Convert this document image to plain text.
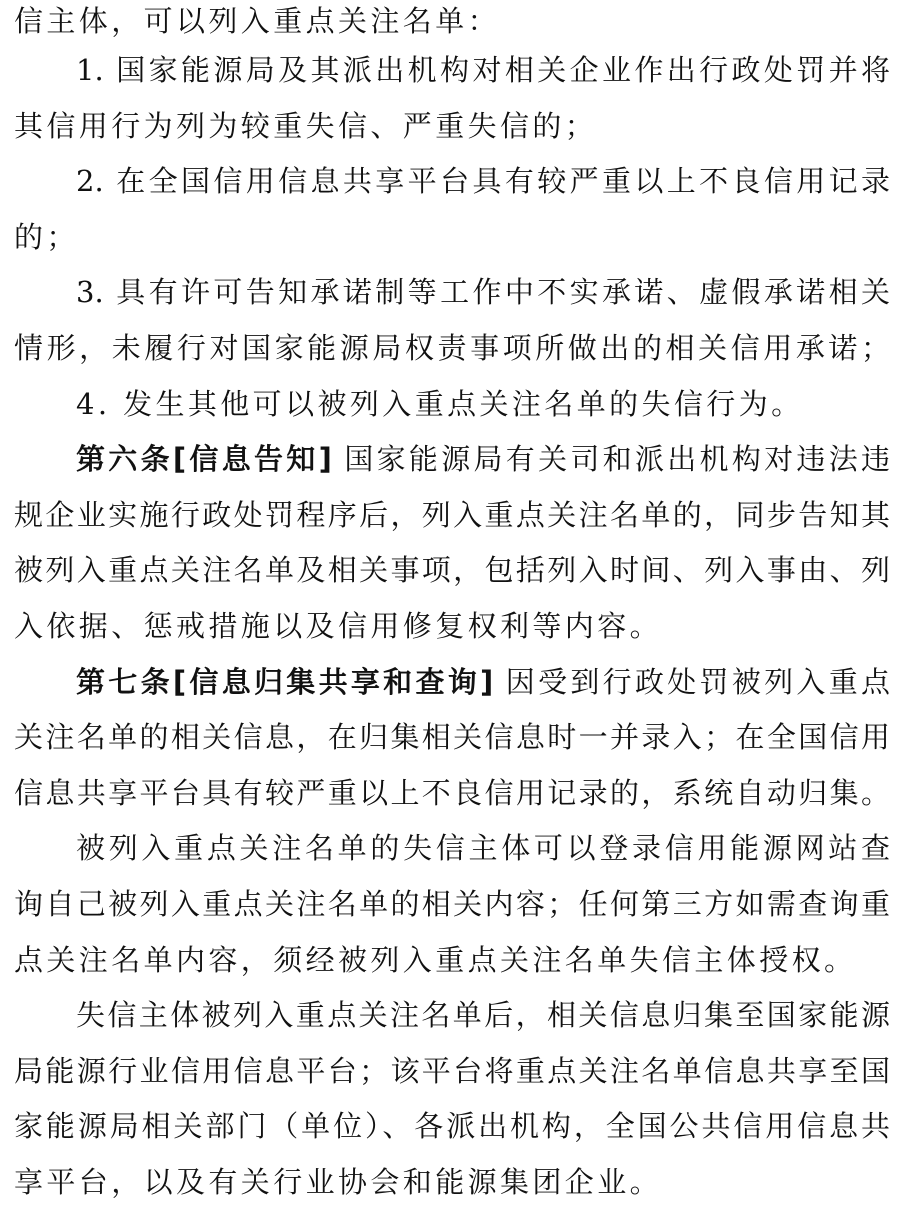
信主体，可以列入重点关注名单：
1. 国家能源局及其派出机构对相关企业作出行政处罚并将
其信用行为列为较重失信、严重失信的；
2. 在全国信用信息共享平台具有较严重以上不良信用记录
的；
3. 具有许可告知承诺制等工作中不实承诺、虚假承诺相关
情形，未履行对国家能源局权责事项所做出的相关信用承诺；
4. 发生其他可以被列入重点关注名单的失信行为。
第六条[信息告知] 国家能源局有关司和派出机构对违法违
规企业实施行政处罚程序后，列入重点关注名单的，同步告知其
被列入重点关注名单及相关事项，包括列入时间、列入事由、列
入依据、惩戒措施以及信用修复权利等内容。
第七条[信息归集共享和查询] 因受到行政处罚被列入重点
关注名单的相关信息，在归集相关信息时一并录入；在全国信用
信息共享平台具有较严重以上不良信用记录的，系统自动归集。
被列入重点关注名单的失信主体可以登录信用能源网站查
询自己被列入重点关注名单的相关内容；任何第三方如需查询重
点关注名单内容，须经被列入重点关注名单失信主体授权。
失信主体被列入重点关注名单后，相关信息归集至国家能源
局能源行业信用信息平台；该平台将重点关注名单信息共享至国
家能源局相关部门（单位）、各派出机构，全国公共信用信息共
享平台，以及有关行业协会和能源集团企业。
